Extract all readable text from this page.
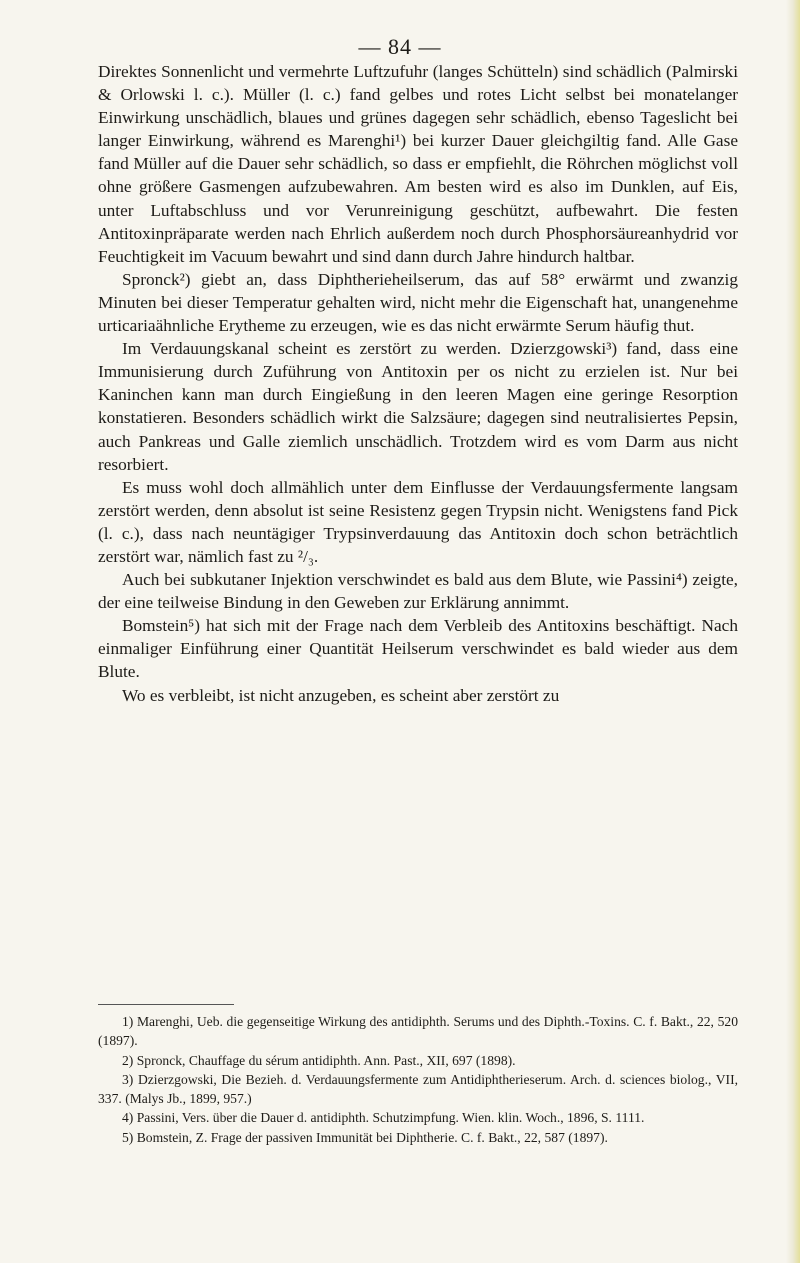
— 84 —

Direktes Sonnenlicht und vermehrte Luftzufuhr (langes Schütteln) sind schädlich (Palmirski & Orlowski l. c.). Müller (l. c.) fand gelbes und rotes Licht selbst bei monatelanger Einwirkung unschädlich, blaues und grünes dagegen sehr schädlich, ebenso Tageslicht bei langer Einwirkung, während es Marenghi¹) bei kurzer Dauer gleichgiltig fand. Alle Gase fand Müller auf die Dauer sehr schädlich, so dass er empfiehlt, die Röhrchen möglichst voll ohne größere Gasmengen aufzubewahren. Am besten wird es also im Dunklen, auf Eis, unter Luftabschluss und vor Verunreinigung geschützt, aufbewahrt. Die festen Antitoxinpräparate werden nach Ehrlich außerdem noch durch Phosphorsäureanhydrid vor Feuchtigkeit im Vacuum bewahrt und sind dann durch Jahre hindurch haltbar.

Spronck²) giebt an, dass Diphtherieheilserum, das auf 58° erwärmt und zwanzig Minuten bei dieser Temperatur gehalten wird, nicht mehr die Eigenschaft hat, unangenehme urticariaähnliche Erytheme zu erzeugen, wie es das nicht erwärmte Serum häufig thut.

Im Verdauungskanal scheint es zerstört zu werden. Dzierzgowski³) fand, dass eine Immunisierung durch Zuführung von Antitoxin per os nicht zu erzielen ist. Nur bei Kaninchen kann man durch Eingießung in den leeren Magen eine geringe Resorption konstatieren. Besonders schädlich wirkt die Salzsäure; dagegen sind neutralisiertes Pepsin, auch Pankreas und Galle ziemlich unschädlich. Trotzdem wird es vom Darm aus nicht resorbiert.

Es muss wohl doch allmählich unter dem Einflusse der Verdauungsfermente langsam zerstört werden, denn absolut ist seine Resistenz gegen Trypsin nicht. Wenigstens fand Pick (l. c.), dass nach neuntägiger Trypsinverdauung das Antitoxin doch schon beträchtlich zerstört war, nämlich fast zu ²/₃.

Auch bei subkutaner Injektion verschwindet es bald aus dem Blute, wie Passini⁴) zeigte, der eine teilweise Bindung in den Geweben zur Erklärung annimmt.

Bomstein⁵) hat sich mit der Frage nach dem Verbleib des Antitoxins beschäftigt. Nach einmaliger Einführung einer Quantität Heilserum verschwindet es bald wieder aus dem Blute.

Wo es verbleibt, ist nicht anzugeben, es scheint aber zerstört zu

1) Marenghi, Ueb. die gegenseitige Wirkung des antidiphth. Serums und des Diphth.-Toxins. C. f. Bakt., 22, 520 (1897).

2) Spronck, Chauffage du sérum antidiphth. Ann. Past., XII, 697 (1898).

3) Dzierzgowski, Die Bezieh. d. Verdauungsfermente zum Antidiphtherieserum. Arch. d. sciences biolog., VII, 337. (Malys Jb., 1899, 957.)

4) Passini, Vers. über die Dauer d. antidiphth. Schutzimpfung. Wien. klin. Woch., 1896, S. 1111.

5) Bomstein, Z. Frage der passiven Immunität bei Diphtherie. C. f. Bakt., 22, 587 (1897).
